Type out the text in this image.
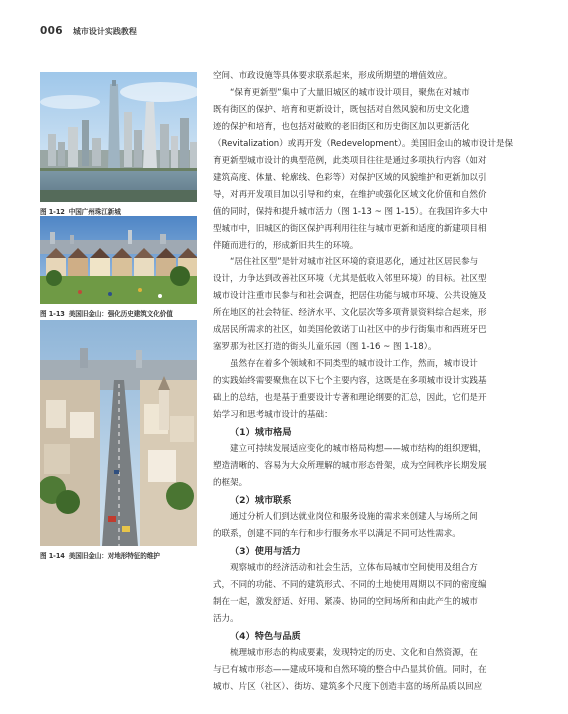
006 城市设计实践教程
图 1-12 中国广州珠江新城
图 1-13 美国旧金山：强化历史建筑文化价值
图 1-14 美国旧金山：对地形特征的维护

空间、市政设施等具体要求联系起来，形成所期望的增值效应。

“保育更新型”集中了大量旧城区的城市设计项目，聚焦在对城市
既有街区的保护、培育和更新设计，既包括对自然风貌和历史文化遗
迹的保护和培育，也包括对破败的老旧街区和历史街区加以更新活化
（Revitalization）或再开发（Redevelopment）。美国旧金山的城市设计是保
育更新型城市设计的典型范例，此类项目往往是通过多项执行内容（如对
建筑高度、体量、轮廓线、色彩等）对保护区域的风貌维护和更新加以引
导，对再开发项目加以引导和约束，在维护或强化区域文化价值和自然价
值的同时，保持和提升城市活力（图 1-13 ~ 图 1-15）。在我国许多大中
型城市中，旧城区的街区保护再利用往往与城市更新和适度的新建项目相
伴随而进行的，形成新旧共生的环境。

“居住社区型”是针对城市社区环境的衰退恶化，通过社区居民参与
设计，力争达到改善社区环境（尤其是低收入邻里环境）的目标。社区型
城市设计注重市民参与和社会调查，把居住功能与城市环境、公共设施及
所在地区的社会特征、经济水平、文化层次等多项背景资料综合起来，形
成居民所需求的社区，如美国伦敦诺丁山社区中的步行街集市和西班牙巴
塞罗那为社区打造的街头儿童乐园（图 1-16 ~ 图 1-18）。

虽然存在着多个领域和不同类型的城市设计工作，然而，城市设计
的实践始终需要聚焦在以下七个主要内容，这既是在多项城市设计实践基
础上的总结，也是基于重要设计专著和理论纲要的汇总，因此，它们是开
始学习和思考城市设计的基础：

（1）城市格局

建立可持续发展适应变化的城市格局构想——城市结构的组织逻辑，
塑造清晰的、容易为大众所理解的城市形态骨架，成为空间秩序长期发展
的框架。

（2）城市联系

通过分析人们到达就业岗位和服务设施的需求来创建人与场所之间
的联系，创建不同的车行和步行服务水平以满足不同可达性需求。

（3）使用与活力

观察城市的经济活动和社会生活，立体布局城市空间使用及组合方
式，不同的功能、不同的建筑形式、不同的土地使用周期以不同的密度编
制在一起，激发舒适、好用、紧凑、协同的空间场所和由此产生的城市
活力。

（4）特色与品质

梳理城市形态的构成要素，发现特定的历史、文化和自然资源，在
与已有城市形态——建成环境和自然环境的整合中凸显其价值。同时，在
城市、片区（社区）、街坊、建筑多个尺度下创造丰富的场所品质以回应
